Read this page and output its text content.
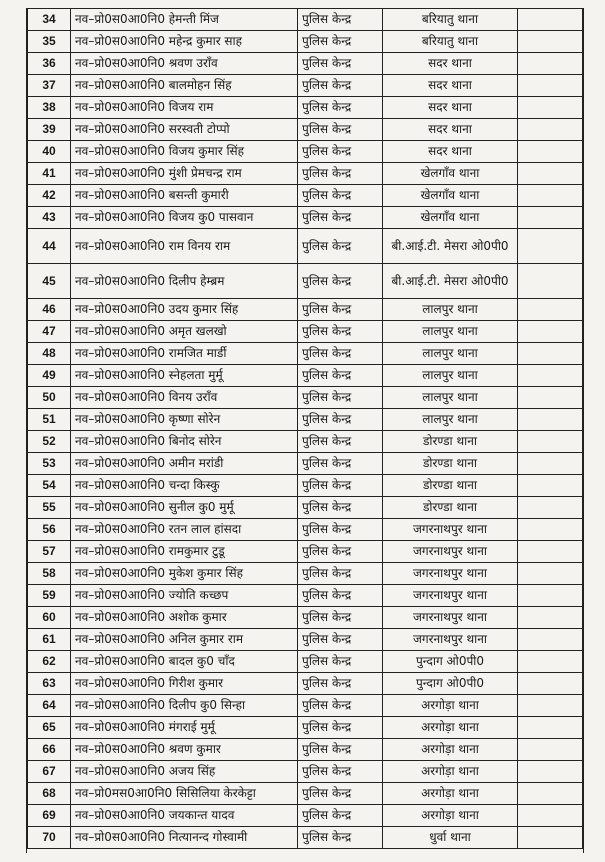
34	नव–प्रो0स0आ0नि0 हेमन्ती मिंज	पुलिस केन्द्र	बरियातु थाना	
35	नव–प्रो0स0आ0नि0 महेन्द्र कुमार साह	पुलिस केन्द्र	बरियातु थाना	
36	नव–प्रो0स0आ0नि0 श्रवण उराँव	पुलिस केन्द्र	सदर थाना	
37	नव–प्रो0स0आ0नि0 बालमोहन सिंह	पुलिस केन्द्र	सदर थाना	
38	नव–प्रो0स0आ0नि0 विजय राम	पुलिस केन्द्र	सदर थाना	
39	नव–प्रो0स0आ0नि0 सरस्वती टोप्पो	पुलिस केन्द्र	सदर थाना	
40	नव–प्रो0स0आ0नि0 विजय कुमार सिंह	पुलिस केन्द्र	सदर थाना	
41	नव–प्रो0स0आ0नि0 मुंशी प्रेमचन्द्र राम	पुलिस केन्द्र	खेलगाँव थाना	
42	नव–प्रो0स0आ0नि0 बसन्ती कुमारी	पुलिस केन्द्र	खेलगाँव थाना	
43	नव–प्रो0स0आ0नि0 विजय कु0 पासवान	पुलिस केन्द्र	खेलगाँव थाना	
44	नव–प्रो0स0आ0नि0 राम विनय राम	पुलिस केन्द्र	बी.आई.टी. मेसरा ओ0पी0	
45	नव–प्रो0स0आ0नि0 दिलीप हेम्ब्रम	पुलिस केन्द्र	बी.आई.टी. मेसरा ओ0पी0	
46	नव–प्रो0स0आ0नि0 उदय कुमार सिंह	पुलिस केन्द्र	लालपुर थाना	
47	नव–प्रो0स0आ0नि0 अमृत खलखो	पुलिस केन्द्र	लालपुर थाना	
48	नव–प्रो0स0आ0नि0 रामजित मार्डी	पुलिस केन्द्र	लालपुर थाना	
49	नव–प्रो0स0आ0नि0 स्नेहलता मुर्मू	पुलिस केन्द्र	लालपुर थाना	
50	नव–प्रो0स0आ0नि0 विनय उराँव	पुलिस केन्द्र	लालपुर थाना	
51	नव–प्रो0स0आ0नि0 कृष्णा सोरेन	पुलिस केन्द्र	लालपुर थाना	
52	नव–प्रो0स0आ0नि0 बिनोद सोरेन	पुलिस केन्द्र	डोरण्डा थाना	
53	नव–प्रो0स0आ0नि0 अमीन मरांडी	पुलिस केन्द्र	डोरण्डा थाना	
54	नव–प्रो0स0आ0नि0 चन्दा किस्कु	पुलिस केन्द्र	डोरण्डा थाना	
55	नव–प्रो0स0आ0नि0 सुनील कु0 मुर्मू	पुलिस केन्द्र	डोरण्डा थाना	
56	नव–प्रो0स0आ0नि0 रतन लाल हांसदा	पुलिस केन्द्र	जगरनाथपुर थाना	
57	नव–प्रो0स0आ0नि0 रामकुमार टुडू	पुलिस केन्द्र	जगरनाथपुर थाना	
58	नव–प्रो0स0आ0नि0 मुकेश कुमार सिंह	पुलिस केन्द्र	जगरनाथपुर थाना	
59	नव–प्रो0स0आ0नि0 ज्योति कच्छप	पुलिस केन्द्र	जगरनाथपुर थाना	
60	नव–प्रो0स0आ0नि0 अशोक कुमार	पुलिस केन्द्र	जगरनाथपुर थाना	
61	नव–प्रो0स0आ0नि0 अनिल कुमार राम	पुलिस केन्द्र	जगरनाथपुर थाना	
62	नव–प्रो0स0आ0नि0 बादल कु0 चाँद	पुलिस केन्द्र	पुन्दाग ओ0पी0	
63	नव–प्रो0स0आ0नि0 गिरीश कुमार	पुलिस केन्द्र	पुन्दाग ओ0पी0	
64	नव–प्रो0स0आ0नि0 दिलीप कु0 सिन्हा	पुलिस केन्द्र	अरगोड़ा थाना	
65	नव–प्रो0स0आ0नि0 मंगराई मुर्मू	पुलिस केन्द्र	अरगोड़ा थाना	
66	नव–प्रो0स0आ0नि0 श्रवण कुमार	पुलिस केन्द्र	अरगोड़ा थाना	
67	नव–प्रो0स0आ0नि0 अजय सिंह	पुलिस केन्द्र	अरगोड़ा थाना	
68	नव–प्रो0मस0आ0नि0 सिसिलिया केरकेट्टा	पुलिस केन्द्र	अरगोड़ा थाना	
69	नव–प्रो0स0आ0नि0 जयकान्त यादव	पुलिस केन्द्र	अरगोड़ा थाना	
70	नव–प्रो0स0आ0नि0 नित्यानन्द गोस्वामी	पुलिस केन्द्र	धुर्वा थाना	
